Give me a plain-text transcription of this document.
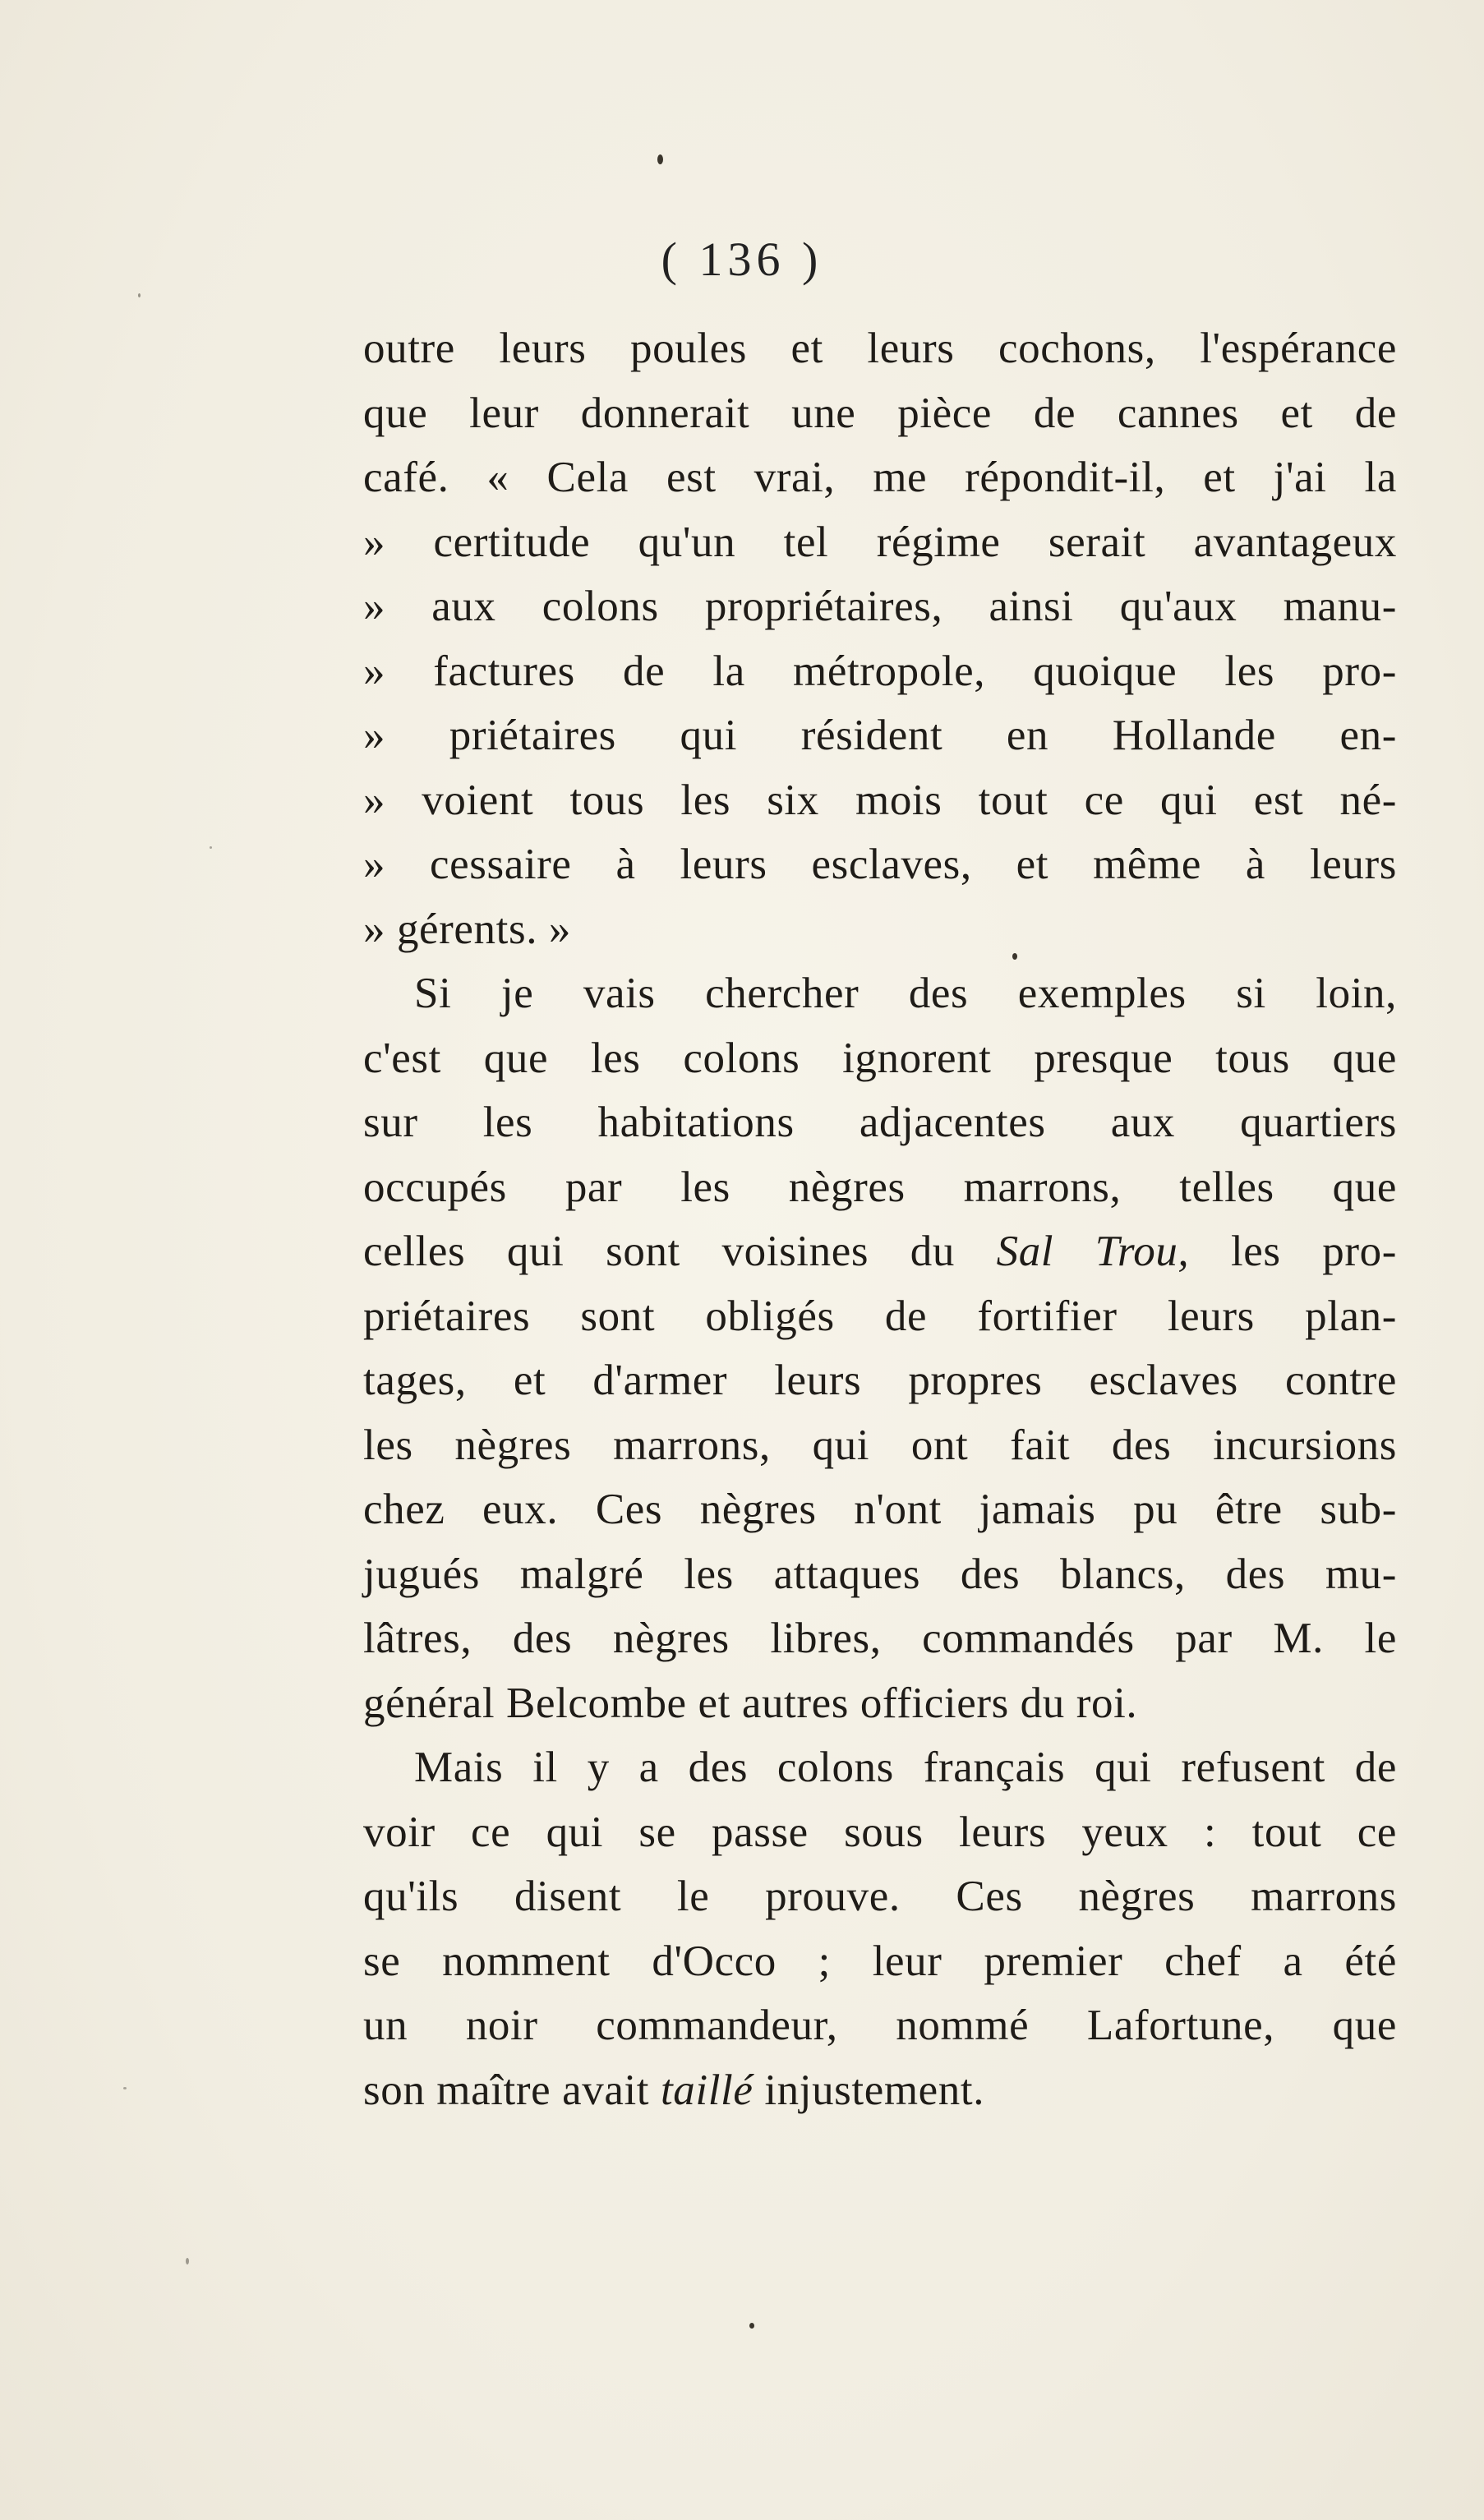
( 136 )
outre leurs poules et leurs cochons, l'espérance
que leur donnerait une pièce de cannes et de
café. « Cela est vrai, me répondit-il, et j'ai la
» certitude qu'un tel régime serait avantageux
» aux colons propriétaires, ainsi qu'aux manu-
» factures de la métropole, quoique les pro-
» priétaires qui résident en Hollande en-
» voient tous les six mois tout ce qui est né-
» cessaire à leurs esclaves, et même à leurs
» gérents. »
Si je vais chercher des exemples si loin,
c'est que les colons ignorent presque tous que
sur les habitations adjacentes aux quartiers
occupés par les nègres marrons, telles que
celles qui sont voisines du Sal Trou, les pro-
priétaires sont obligés de fortifier leurs plan-
tages, et d'armer leurs propres esclaves contre
les nègres marrons, qui ont fait des incursions
chez eux. Ces nègres n'ont jamais pu être sub-
jugués malgré les attaques des blancs, des mu-
lâtres, des nègres libres, commandés par M. le
général Belcombe et autres officiers du roi.
Mais il y a des colons français qui refusent de
voir ce qui se passe sous leurs yeux : tout ce
qu'ils disent le prouve. Ces nègres marrons
se nomment d'Occo ; leur premier chef a été
un noir commandeur, nommé Lafortune, que
son maître avait taillé injustement.
